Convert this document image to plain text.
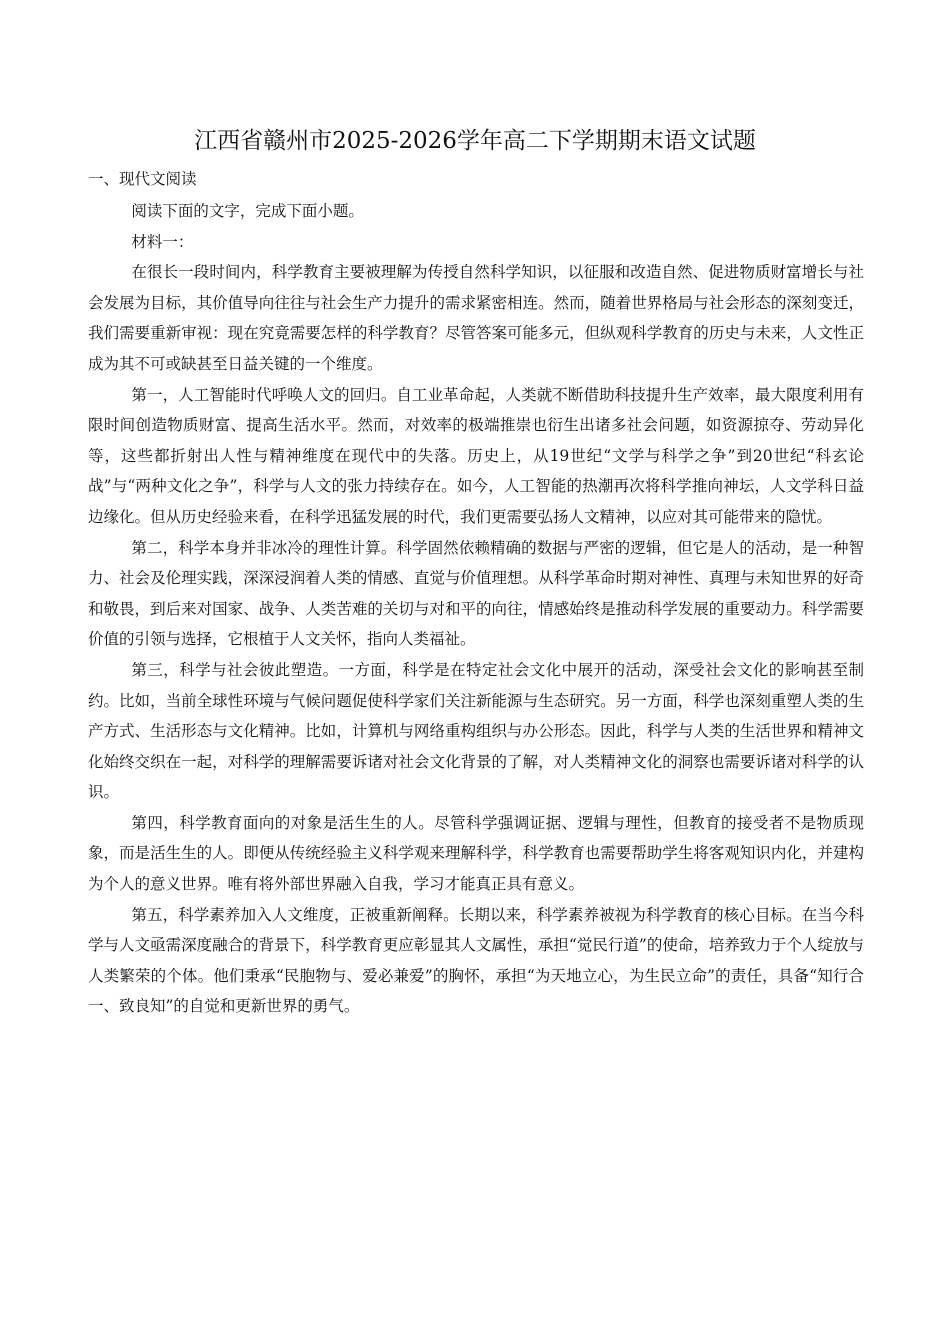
江西省赣州市2025-2026学年高二下学期期末语文试题
一、现代文阅读

阅读下面的文字，完成下面小题。

材料一：

在很长一段时间内，科学教育主要被理解为传授自然科学知识，以征服和改造自然、促进物质财富增长与社会发展为目标，其价值导向往往与社会生产力提升的需求紧密相连。然而，随着世界格局与社会形态的深刻变迁，我们需要重新审视：现在究竟需要怎样的科学教育？尽管答案可能多元，但纵观科学教育的历史与未来，人文性正成为其不可或缺甚至日益关键的一个维度。

第一，人工智能时代呼唤人文的回归。自工业革命起，人类就不断借助科技提升生产效率，最大限度利用有限时间创造物质财富、提高生活水平。然而，对效率的极端推崇也衍生出诸多社会问题，如资源掠夺、劳动异化等，这些都折射出人性与精神维度在现代中的失落。历史上，从19世纪“文学与科学之争”到20世纪“科玄论战”与“两种文化之争”，科学与人文的张力持续存在。如今，人工智能的热潮再次将科学推向神坛，人文学科日益边缘化。但从历史经验来看，在科学迅猛发展的时代，我们更需要弘扬人文精神，以应对其可能带来的隐忧。

第二，科学本身并非冰冷的理性计算。科学固然依赖精确的数据与严密的逻辑，但它是人的活动，是一种智力、社会及伦理实践，深深浸润着人类的情感、直觉与价值理想。从科学革命时期对神性、真理与未知世界的好奇和敬畏，到后来对国家、战争、人类苦难的关切与对和平的向往，情感始终是推动科学发展的重要动力。科学需要价值的引领与选择，它根植于人文关怀，指向人类福祉。

第三，科学与社会彼此塑造。一方面，科学是在特定社会文化中展开的活动，深受社会文化的影响甚至制约。比如，当前全球性环境与气候问题促使科学家们关注新能源与生态研究。另一方面，科学也深刻重塑人类的生产方式、生活形态与文化精神。比如，计算机与网络重构组织与办公形态。因此，科学与人类的生活世界和精神文化始终交织在一起，对科学的理解需要诉诸对社会文化背景的了解，对人类精神文化的洞察也需要诉诸对科学的认识。

第四，科学教育面向的对象是活生生的人。尽管科学强调证据、逻辑与理性，但教育的接受者不是物质现象，而是活生生的人。即便从传统经验主义科学观来理解科学，科学教育也需要帮助学生将客观知识内化，并建构为个人的意义世界。唯有将外部世界融入自我，学习才能真正具有意义。

第五，科学素养加入人文维度，正被重新阐释。长期以来，科学素养被视为科学教育的核心目标。在当今科学与人文亟需深度融合的背景下，科学教育更应彰显其人文属性，承担“觉民行道”的使命，培养致力于个人绽放与人类繁荣的个体。他们秉承“民胞物与、爱必兼爱”的胸怀，承担“为天地立心，为生民立命”的责任，具备“知行合一、致良知”的自觉和更新世界的勇气。
